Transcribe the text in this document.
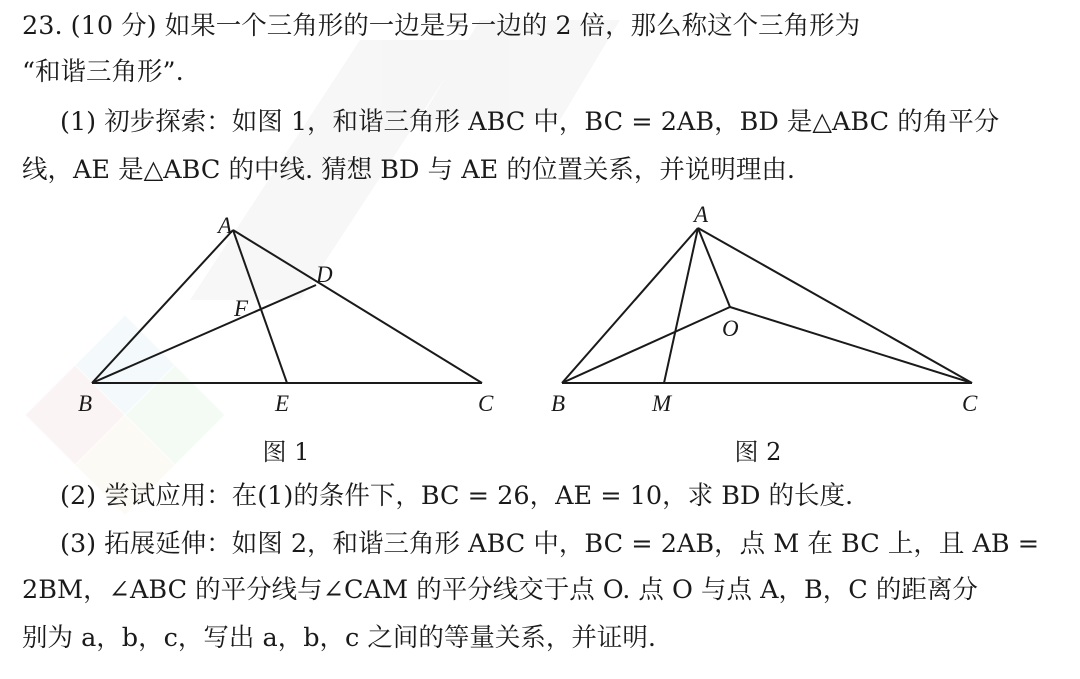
23. (10 分) 如果一个三角形的一边是另一边的 2 倍，那么称这个三角形为
“和谐三角形”.
(1) 初步探索：如图 1，和谐三角形 ABC 中，BC = 2AB，BD 是△ABC 的角平分
线，AE 是△ABC 的中线. 猜想 BD 与 AE 的位置关系，并说明理由.
A
D
F
B	E	C
A
O
B	M	C
图 1	图 2
(2) 尝试应用：在(1)的条件下，BC = 26，AE = 10，求 BD 的长度.
(3) 拓展延伸：如图 2，和谐三角形 ABC 中，BC = 2AB，点 M 在 BC 上，且 AB =
2BM，∠ABC 的平分线与∠CAM 的平分线交于点 O. 点 O 与点 A，B，C 的距离分
别为 a，b，c，写出 a，b，c 之间的等量关系，并证明.
